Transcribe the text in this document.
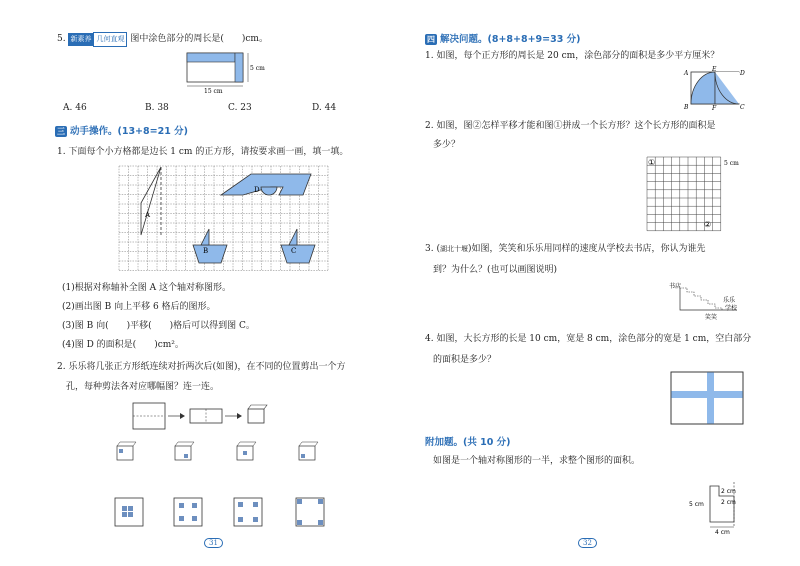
5. 新素养 几何直观 图中涂色部分的周长是(　　)cm。
15 cm
5 cm
A. 46	B. 38	C. 23	D. 44
三 动手操作。(13+8=21 分)
1. 下面每个小方格都是边长 1 cm 的正方形，请按要求画一画，填一填。
A
D
B	C
(1)根据对称轴补全图 A 这个轴对称图形。
(2)画出图 B 向上平移 6 格后的图形。
(3)图 B 向(　　)平移(　　)格后可以得到图 C。
(4)图 D 的面积是(　　)cm²。
2. 乐乐将几张正方形纸连续对折两次后(如图)，在不同的位置剪出一个方
孔，每种剪法各对应哪幅图？连一连。
31
四 解决问题。(8+8+8+9=33 分)
1. 如图，每个正方形的周长是 20 cm，涂色部分的面积是多少平方厘米？
A
E
D
B	F	C
2. 如图，图②怎样平移才能和图①拼成一个长方形？这个长方形的面积是
多少？
①
②
5 cm
3. (湖北十堰)如图，笑笑和乐乐用同样的速度从学校去书店，你认为谁先
到？为什么？(也可以画图说明)
书店
乐乐
学校
笑笑
4. 如图，大长方形的长是 10 cm，宽是 8 cm，涂色部分的宽是 1 cm，空白部分
的面积是多少？
附加题。(共 10 分)
如图是一个轴对称图形的一半，求整个图形的面积。
5 cm
2 cm
2 cm
4 cm
32
